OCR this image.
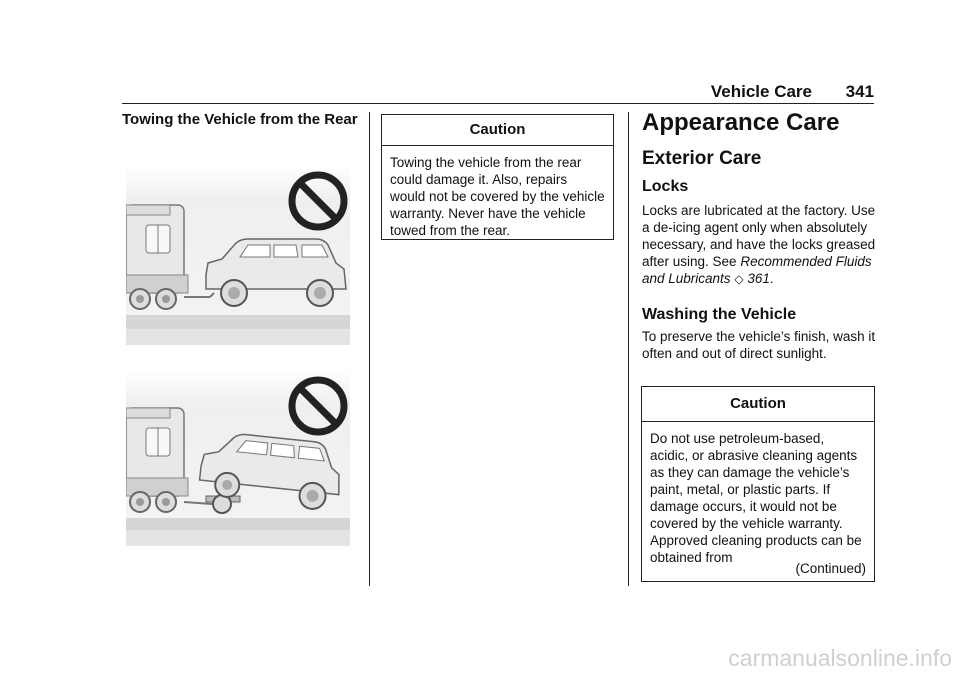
Vehicle Care 341
Towing the Vehicle from the Rear
Caution
Towing the vehicle from the rear could damage it. Also, repairs would not be covered by the vehicle warranty. Never have the vehicle towed from the rear.
Appearance Care
Exterior Care
Locks
Locks are lubricated at the factory. Use a de-icing agent only when absolutely necessary, and have the locks greased after using. See Recommended Fluids and Lubricants ◇ 361.
Washing the Vehicle
To preserve the vehicle’s finish, wash it often and out of direct sunlight.
Caution
Do not use petroleum-based, acidic, or abrasive cleaning agents as they can damage the vehicle’s paint, metal, or plastic parts. If damage occurs, it would not be covered by the vehicle warranty. Approved cleaning products can be obtained from
(Continued)
carmanualsonline.info
